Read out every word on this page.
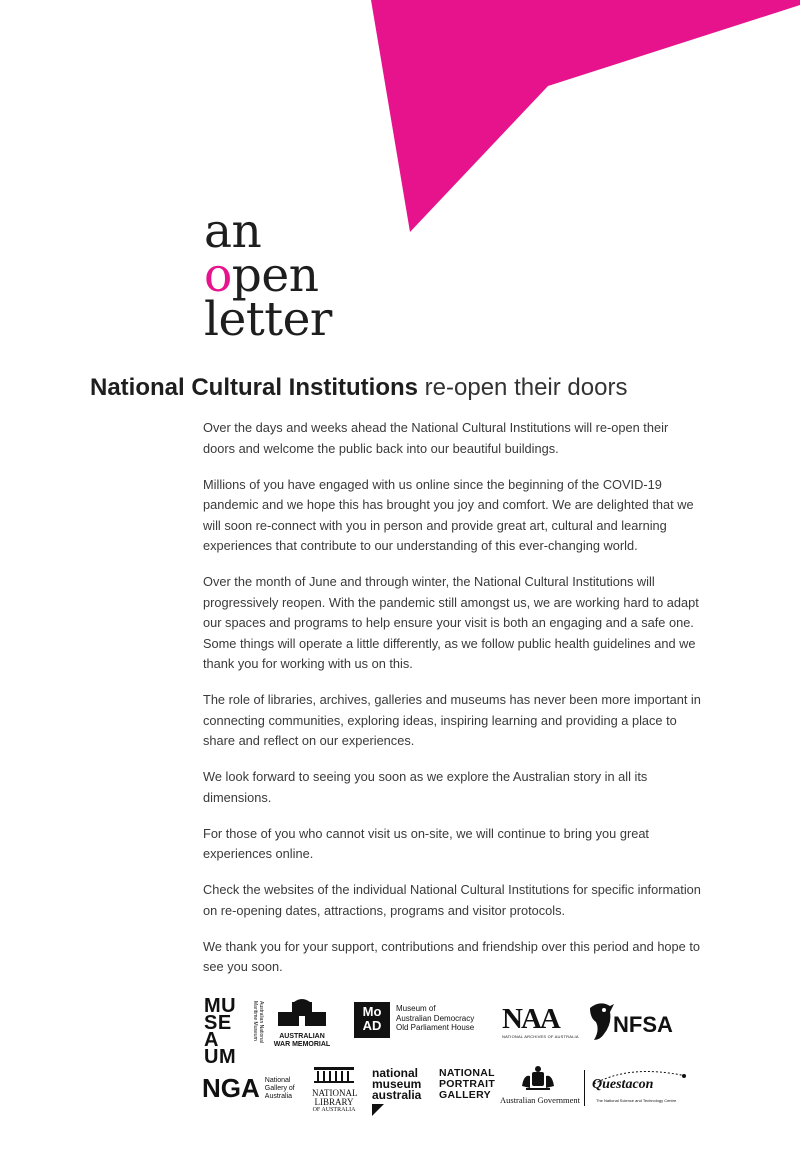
an
open
letter
National Cultural Institutions re-open their doors

Over the days and weeks ahead the National Cultural Institutions will re-open their doors and welcome the public back into our beautiful buildings.

Millions of you have engaged with us online since the beginning of the COVID-19 pandemic and we hope this has brought you joy and comfort. We are delighted that we will soon re-connect with you in person and provide great art, cultural and learning experiences that contribute to our understanding of this ever-changing world.

Over the month of June and through winter, the National Cultural Institutions will progressively reopen. With the pandemic still amongst us, we are working hard to adapt our spaces and programs to help ensure your visit is both an engaging and a safe one. Some things will operate a little differently, as we follow public health guidelines and we thank you for working with us on this.

The role of libraries, archives, galleries and museums has never been more important in connecting communities, exploring ideas, inspiring learning and providing a place to share and reflect on our experiences.

We look forward to seeing you soon as we explore the Australian story in all its dimensions.

For those of you who cannot visit us on-site, we will continue to bring you great experiences online.

Check the websites of the individual National Cultural Institutions for specific information on re-opening dates, attractions, programs and visitor protocols.

We thank you for your support, contributions and friendship over this period and hope to see you soon.

MU
SE
A
UM
Australian National Maritime Museum	AUSTRALIAN
WAR MEMORIAL
Mo
AD
Museum of
Australian Democracy
Old Parliament House NAA
NATIONAL ARCHIVES OF AUSTRALIA NFSA
NGA National
Gallery of
Australia	NATIONAL
LIBRARY
OF AUSTRALIA
national
museum
australia
NATIONAL
PORTRAIT
GALLERY	Australian Government
Questacon
The National Science and Technology Centre
